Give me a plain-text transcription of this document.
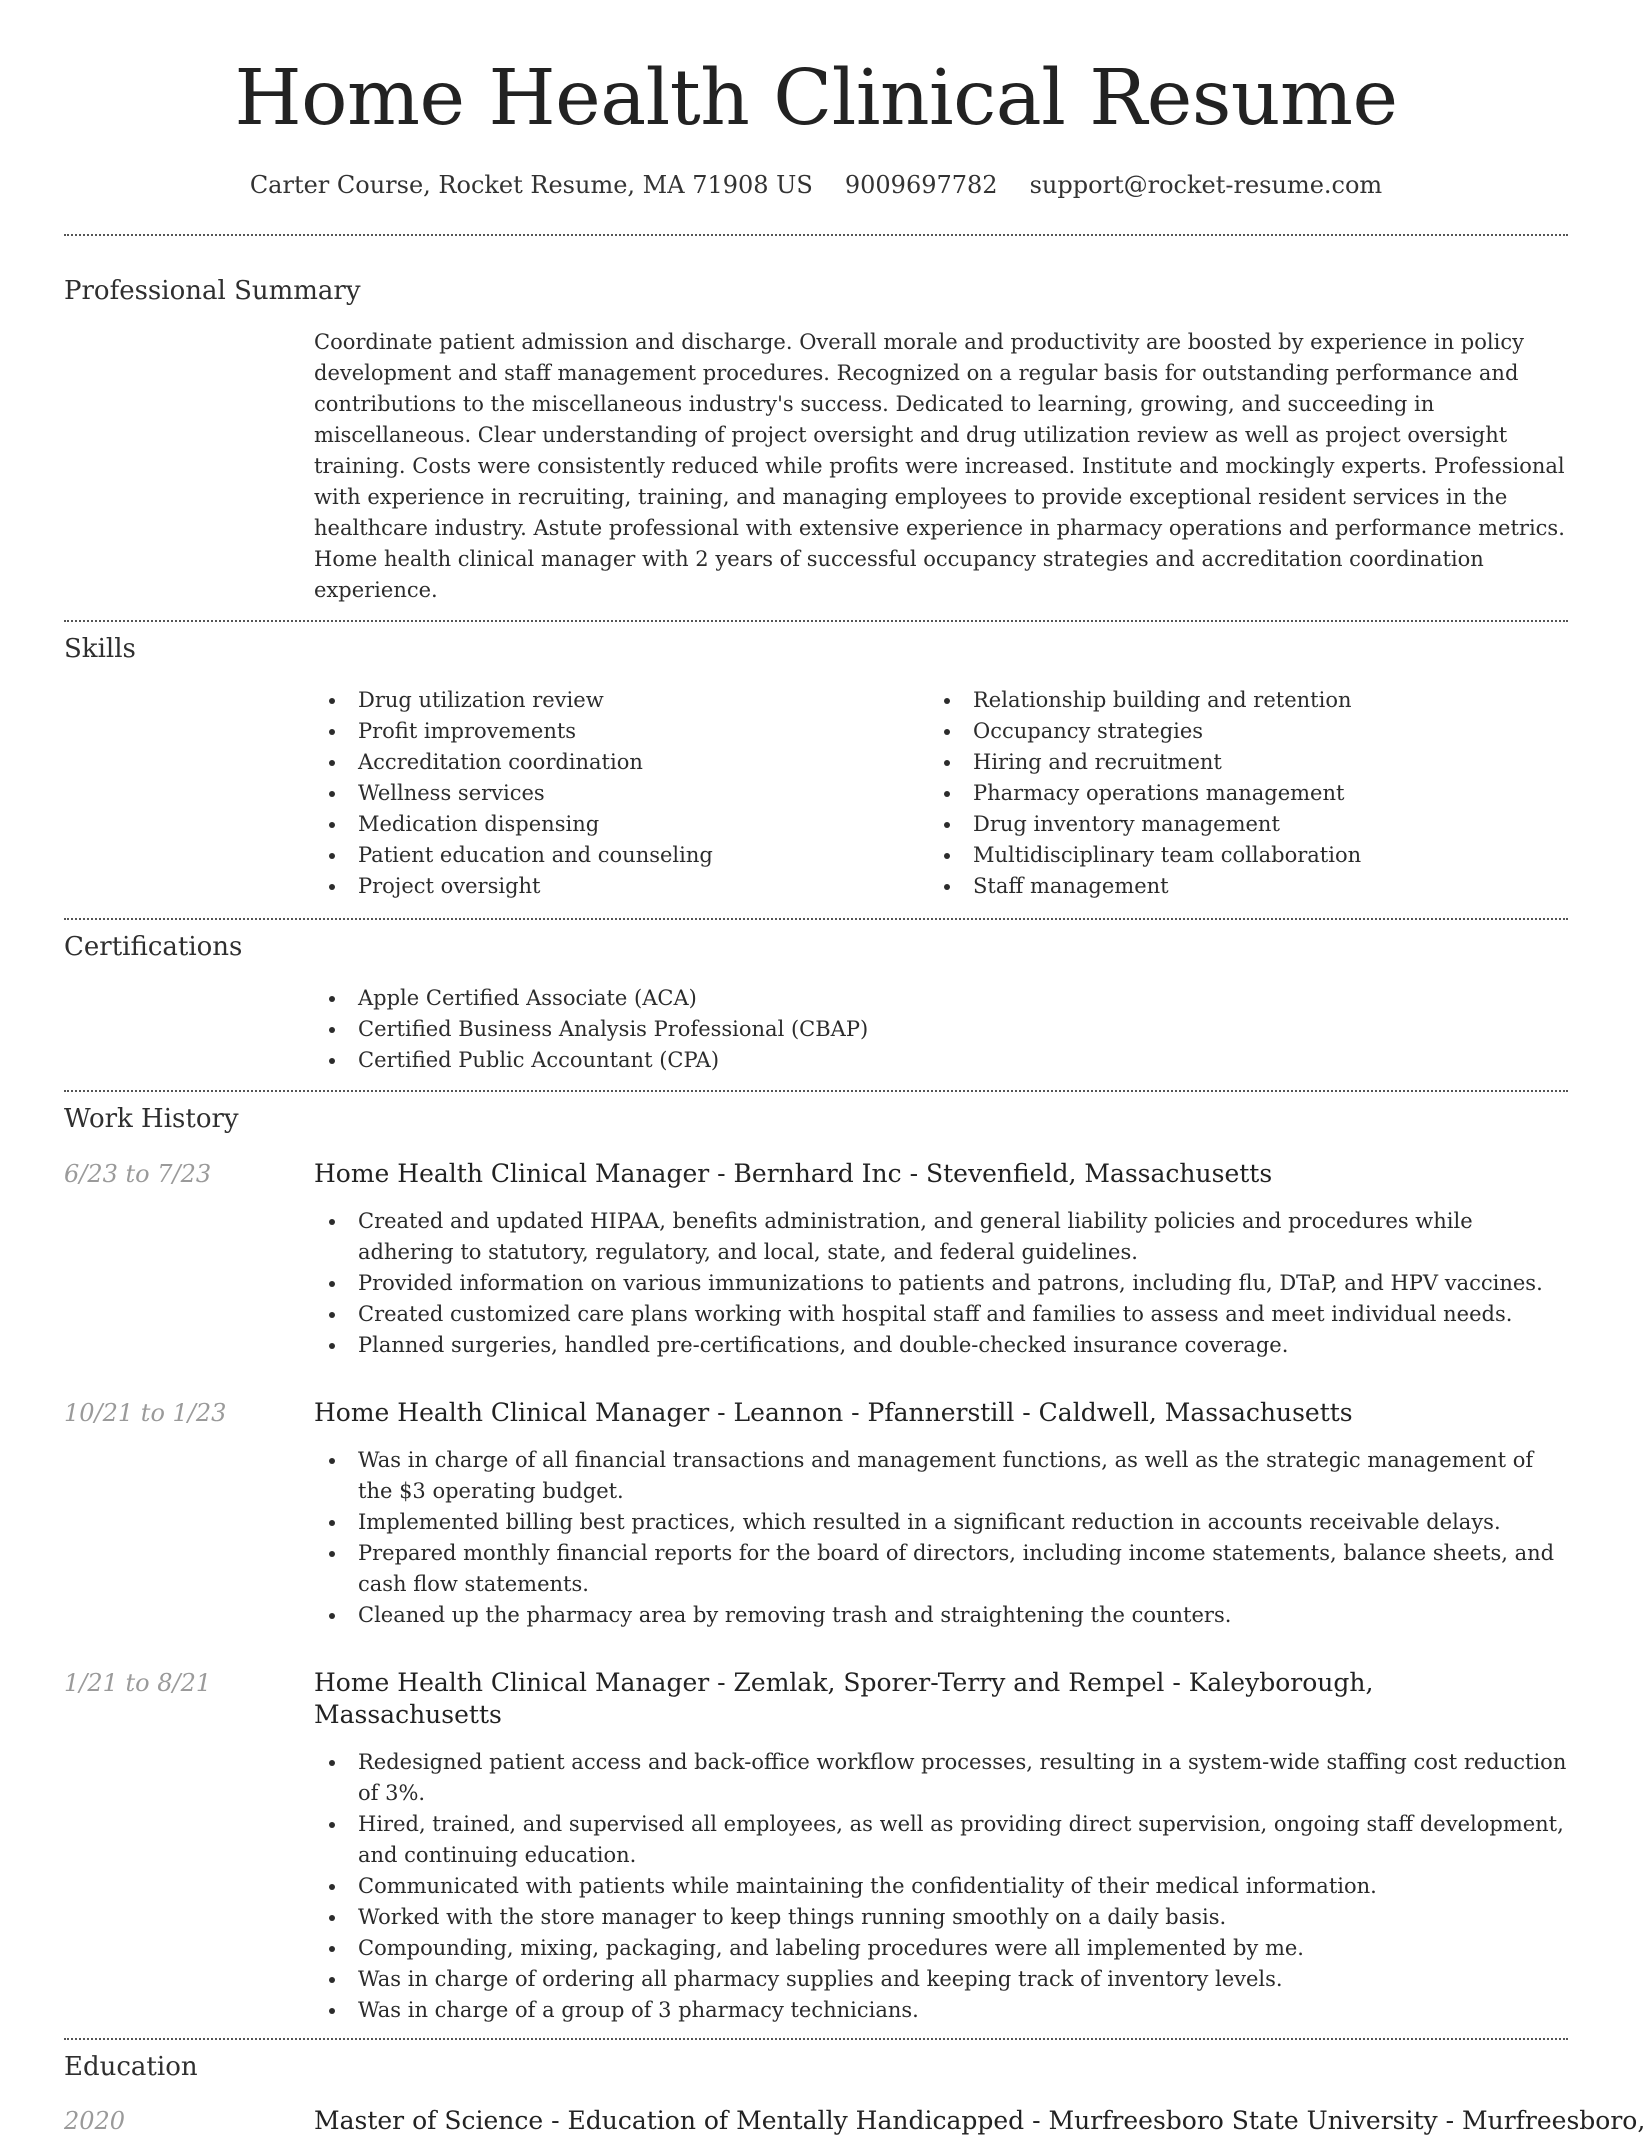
Home Health Clinical Resume
Carter Course, Rocket Resume, MA 71908 US 9009697782 support@rocket-resume.com
Professional Summary

Coordinate patient admission and discharge. Overall morale and productivity are boosted by experience in policy development and staff management procedures. Recognized on a regular basis for outstanding performance and contributions to the miscellaneous industry's success. Dedicated to learning, growing, and succeeding in miscellaneous. Clear understanding of project oversight and drug utilization review as well as project oversight training. Costs were consistently reduced while profits were increased. Institute and mockingly experts. Professional with experience in recruiting, training, and managing employees to provide exceptional resident services in the healthcare industry. Astute professional with extensive experience in pharmacy operations and performance metrics. Home health clinical manager with 2 years of successful occupancy strategies and accreditation coordination experience.

Skills
Drug utilization review
Profit improvements
Accreditation coordination
Wellness services
Medication dispensing
Patient education and counseling
Project oversight
Relationship building and retention
Occupancy strategies
Hiring and recruitment
Pharmacy operations management
Drug inventory management
Multidisciplinary team collaboration
Staff management
Certifications
Apple Certified Associate (ACA)
Certified Business Analysis Professional (CBAP)
Certified Public Accountant (CPA)
Work History
6/23 to 7/23	Home Health Clinical Manager - Bernhard Inc - Stevenfield, Massachusetts
Created and updated HIPAA, benefits administration, and general liability policies and procedures while adhering to statutory, regulatory, and local, state, and federal guidelines.
Provided information on various immunizations to patients and patrons, including flu, DTaP, and HPV vaccines.
Created customized care plans working with hospital staff and families to assess and meet individual needs.
Planned surgeries, handled pre-certifications, and double-checked insurance coverage.
10/21 to 1/23	Home Health Clinical Manager - Leannon - Pfannerstill - Caldwell, Massachusetts
Was in charge of all financial transactions and management functions, as well as the strategic management of the $3 operating budget.
Implemented billing best practices, which resulted in a significant reduction in accounts receivable delays.
Prepared monthly financial reports for the board of directors, including income statements, balance sheets, and cash flow statements.
Cleaned up the pharmacy area by removing trash and straightening the counters.
1/21 to 8/21	Home Health Clinical Manager - Zemlak, Sporer-Terry and Rempel - Kaleyborough, Massachusetts
Redesigned patient access and back-office workflow processes, resulting in a system-wide staffing cost reduction of 3%.
Hired, trained, and supervised all employees, as well as providing direct supervision, ongoing staff development, and continuing education.
Communicated with patients while maintaining the confidentiality of their medical information.
Worked with the store manager to keep things running smoothly on a daily basis.
Compounding, mixing, packaging, and labeling procedures were all implemented by me.
Was in charge of ordering all pharmacy supplies and keeping track of inventory levels.
Was in charge of a group of 3 pharmacy technicians.
Education
2020	Master of Science - Education of Mentally Handicapped - Murfreesboro State University - Murfreesboro,
